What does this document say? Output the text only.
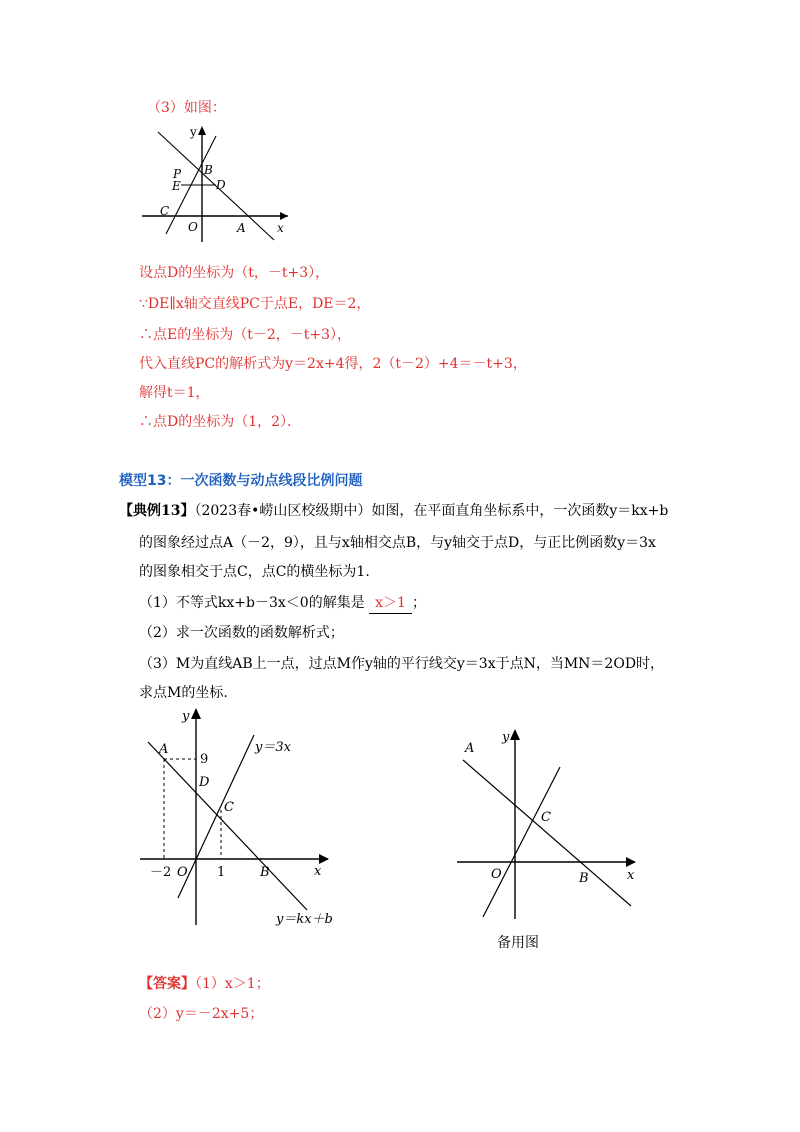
（3）如图：
y
x
O	A
B
C
D
E
P
设点D的坐标为（t，－t+3），
∵DE∥x轴交直线PC于点E，DE＝2，
∴点E的坐标为（t－2，－t+3），
代入直线PC的解析式为y＝2x+4得，2（t－2）+4＝－t+3，
解得t＝1，
∴点D的坐标为（1，2）．
模型13：一次函数与动点线段比例问题
【典例13】（2023春•崂山区校级期中）如图，在平面直角坐标系中，一次函数y＝kx+b
的图象经过点A（－2，9），且与x轴相交点B，与y轴交于点D，与正比例函数y＝3x
的图象相交于点C，点C的横坐标为1.
（1）不等式kx+b－3x＜0的解集是 x＞1 ；
（2）求一次函数的函数解析式；
（3）M为直线AB上一点，过点M作y轴的平行线交y＝3x于点N，当MN＝2OD时，
求点M的坐标.
y
x
O
－2	1
A
9
D
C
B
y＝3x
y＝kx＋b
y
x
O
A
C
B
备用图
【答案】（1）x＞1；
（2）y＝－2x+5；
